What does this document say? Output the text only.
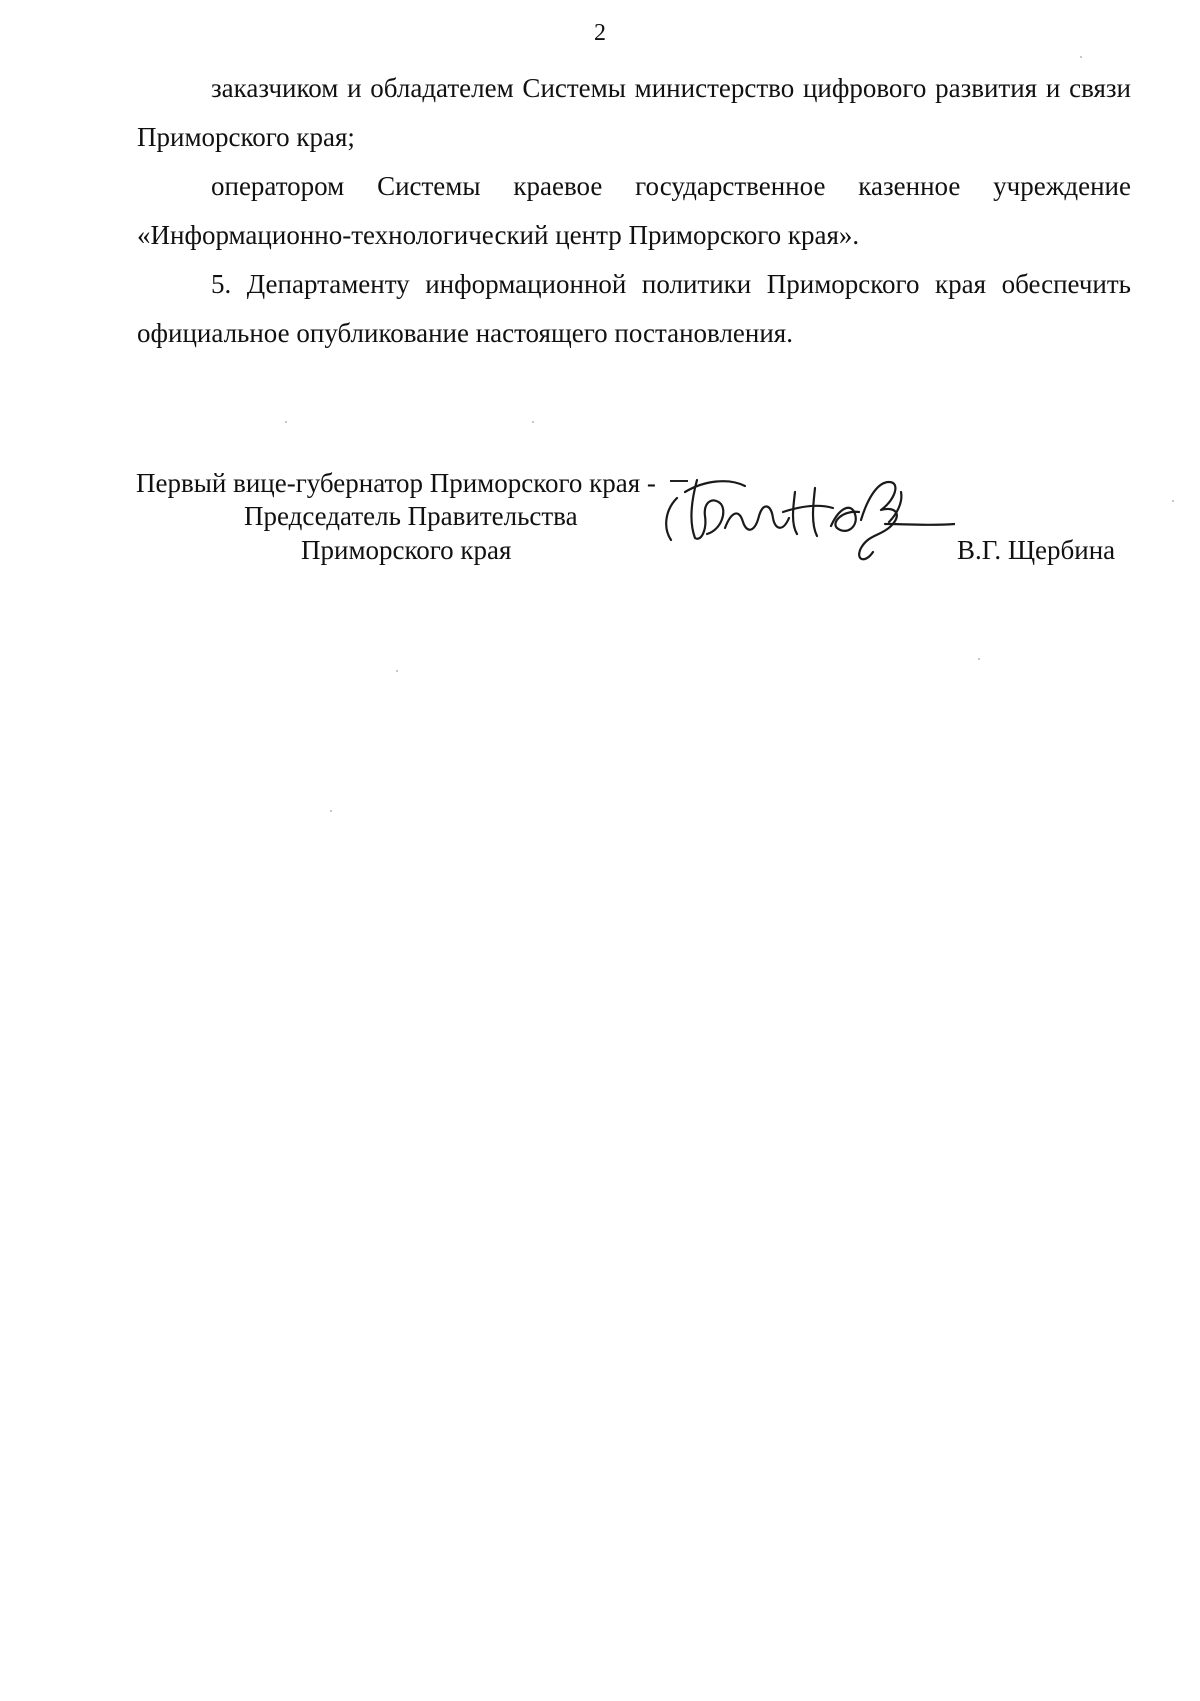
2

заказчиком и обладателем Системы министерство цифрового развития и связи Приморского края;

оператором Системы краевое государственное казенное учреждение «Информационно-технологический центр Приморского края».

5. Департаменту информационной политики Приморского края обеспечить официальное опубликование настоящего постановления.

Первый вице-губернатор Приморского края -
Председатель Правительства
Приморского края	В.Г. Щербина
